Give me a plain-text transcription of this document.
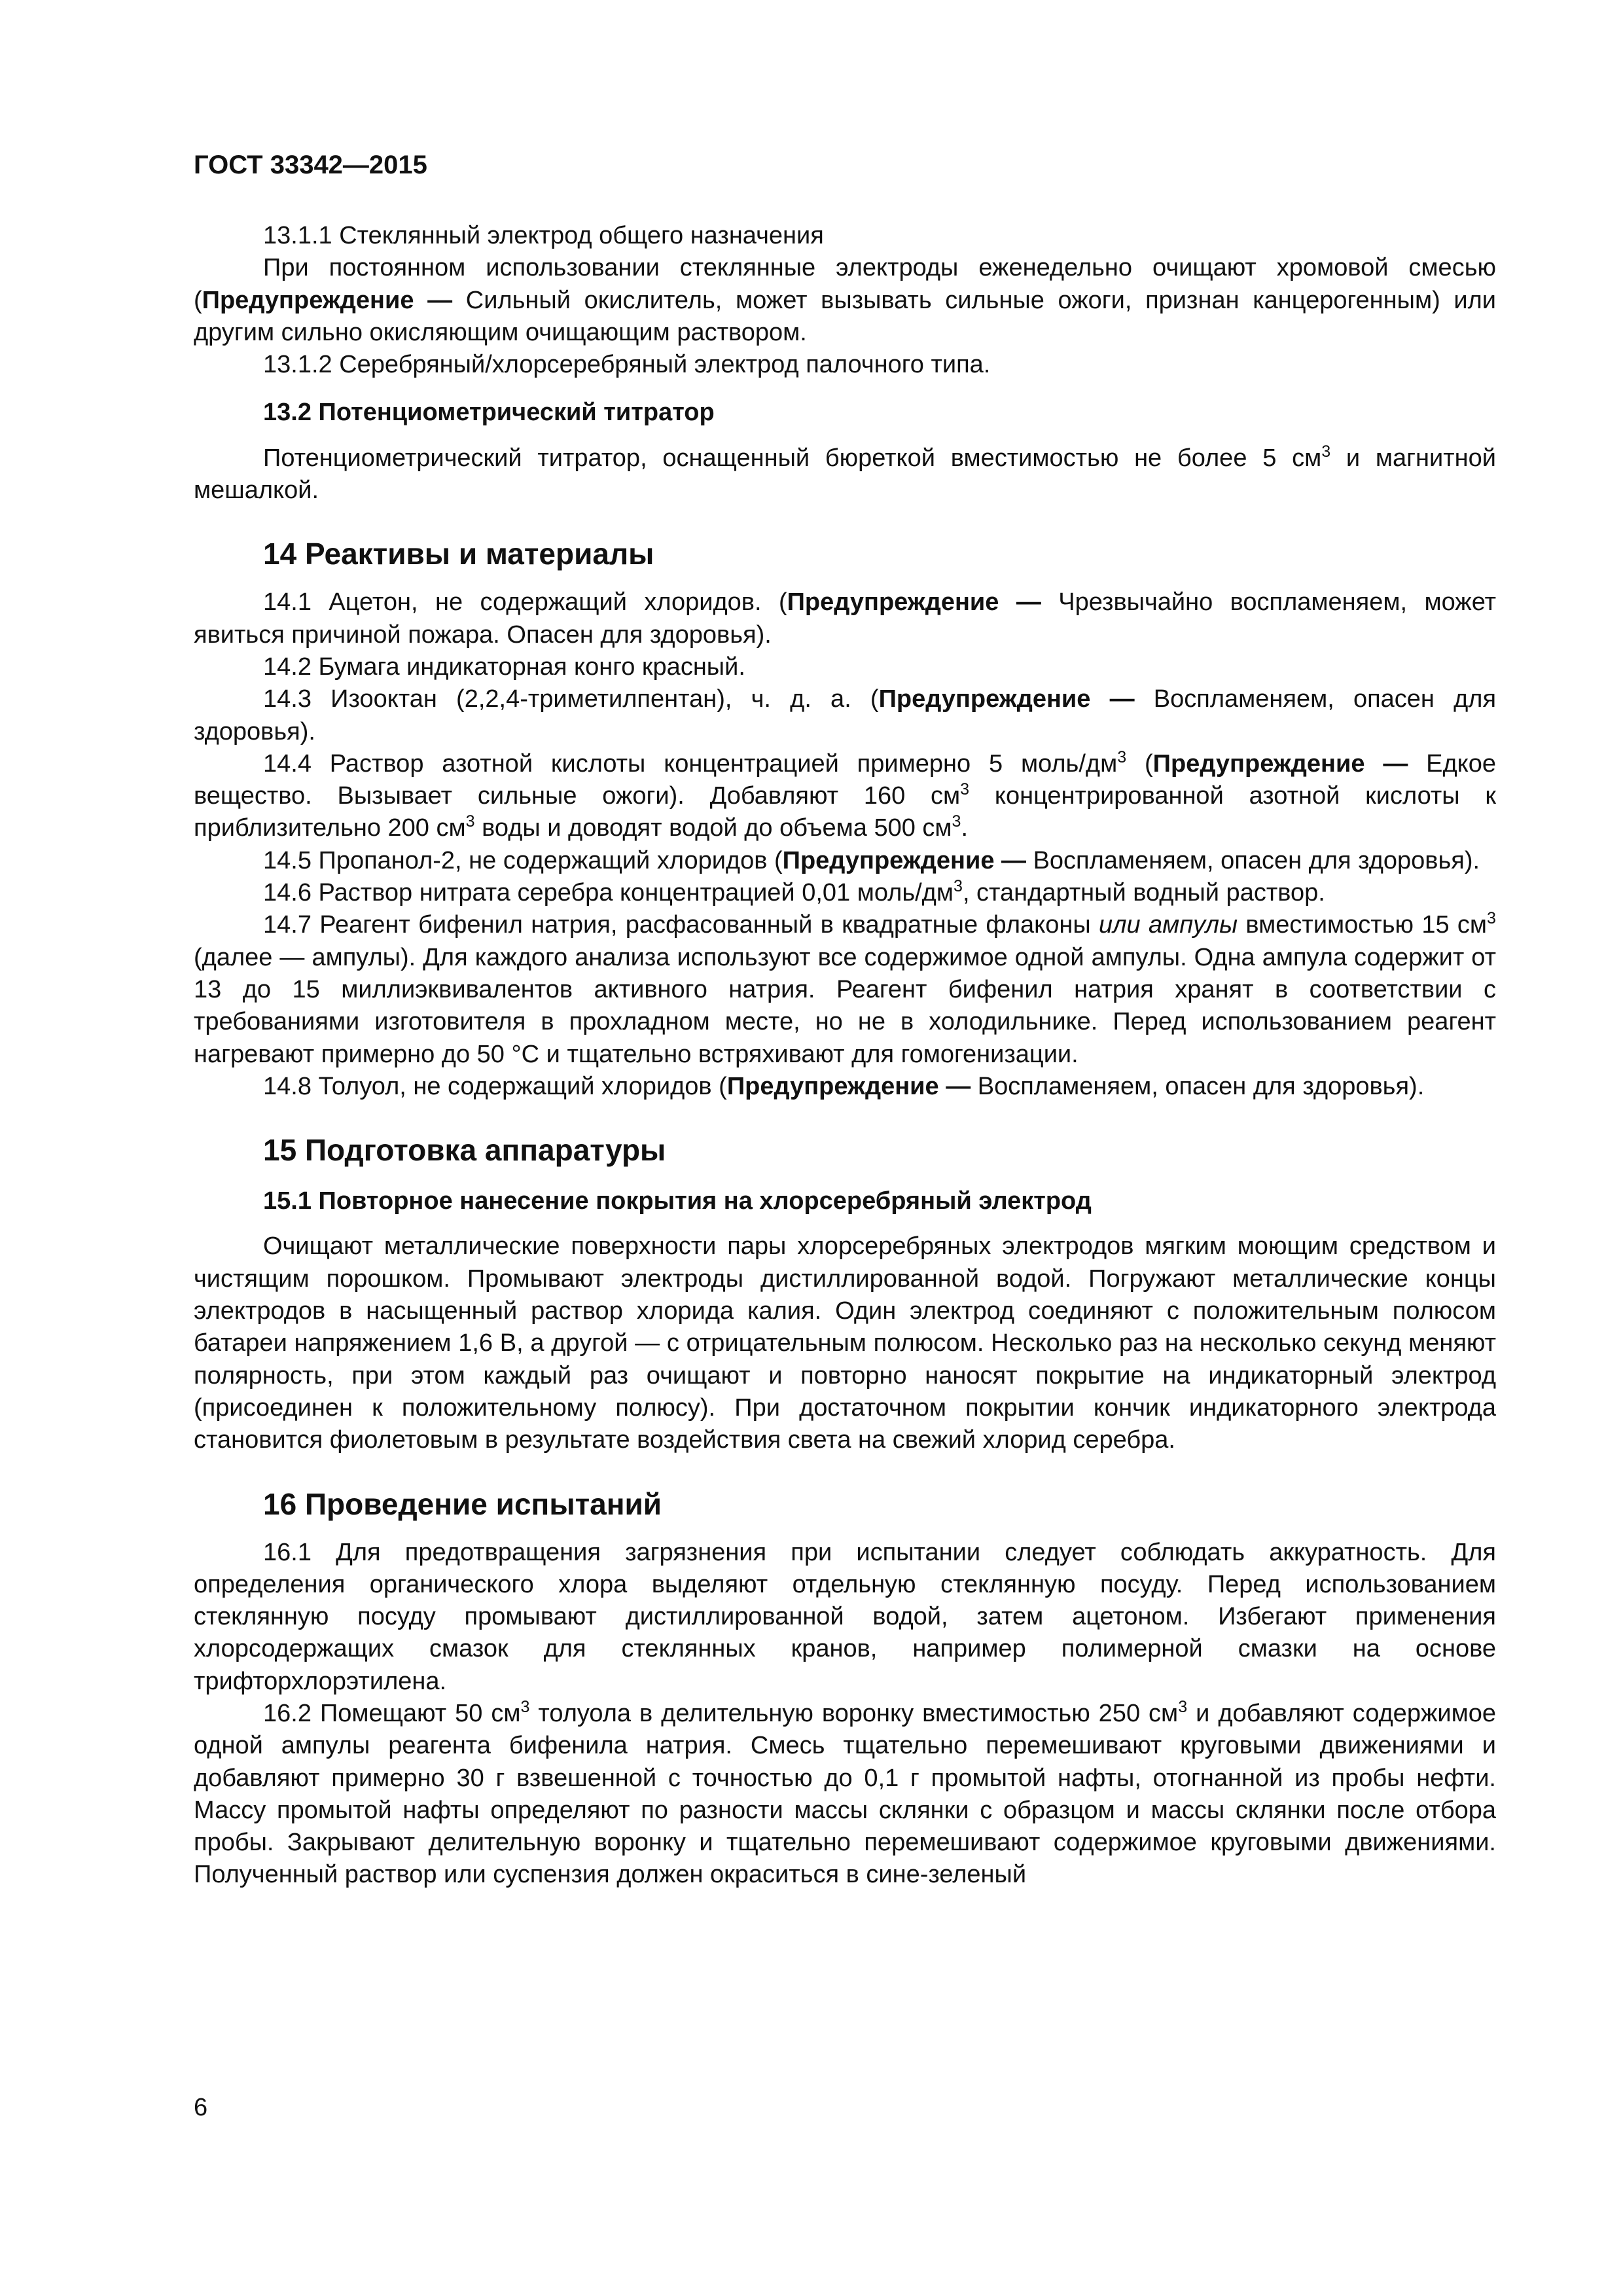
ГОСТ 33342—2015

13.1.1 Стеклянный электрод общего назначения

При постоянном использовании стеклянные электроды еженедельно очищают хромовой смесью (Предупреждение — Сильный окислитель, может вызывать сильные ожоги, признан канцерогенным) или другим сильно окисляющим очищающим раствором.

13.1.2 Серебряный/хлорсеребряный электрод палочного типа.

13.2 Потенциометрический титратор

Потенциометрический титратор, оснащенный бюреткой вместимостью не более 5 $см^3$ и магнитной мешалкой.

14 Реактивы и материалы

14.1 Ацетон, не содержащий хлоридов. (Предупреждение — Чрезвычайно воспламеняем, может явиться причиной пожара. Опасен для здоровья).

14.2 Бумага индикаторная конго красный.

14.3 Изооктан (2,2,4-триметилпентан), ч. д. а. (Предупреждение — Воспламеняем, опасен для здоровья).

14.4 Раствор азотной кислоты концентрацией примерно 5 моль/$дм^3$ (Предупреждение — Едкое вещество. Вызывает сильные ожоги). Добавляют 160 $см^3$ концентрированной азотной кислоты к приблизительно 200 $см^3$ воды и доводят водой до объема 500 $см^3$.

14.5 Пропанол-2, не содержащий хлоридов (Предупреждение — Воспламеняем, опасен для здоровья).

14.6 Раствор нитрата серебра концентрацией 0,01 моль/$дм^3$, стандартный водный раствор.

14.7 Реагент бифенил натрия, расфасованный в квадратные флаконы или ампулы вместимостью 15 $см^3$ (далее — ампулы). Для каждого анализа используют все содержимое одной ампулы. Одна ампула содержит от 13 до 15 миллиэквивалентов активного натрия. Реагент бифенил натрия хранят в соответствии с требованиями изготовителя в прохладном месте, но не в холодильнике. Перед использованием реагент нагревают примерно до 50 °С и тщательно встряхивают для гомогенизации.

14.8 Толуол, не содержащий хлоридов (Предупреждение — Воспламеняем, опасен для здоровья).

15 Подготовка аппаратуры
15.1 Повторное нанесение покрытия на хлорсеребряный электрод

Очищают металлические поверхности пары хлорсеребряных электродов мягким моющим средством и чистящим порошком. Промывают электроды дистиллированной водой. Погружают металлические концы электродов в насыщенный раствор хлорида калия. Один электрод соединяют с положительным полюсом батареи напряжением 1,6 В, а другой — с отрицательным полюсом. Несколько раз на несколько секунд меняют полярность, при этом каждый раз очищают и повторно наносят покрытие на индикаторный электрод (присоединен к положительному полюсу). При достаточном покрытии кончик индикаторного электрода становится фиолетовым в результате воздействия света на свежий хлорид серебра.

16 Проведение испытаний

16.1 Для предотвращения загрязнения при испытании следует соблюдать аккуратность. Для определения органического хлора выделяют отдельную стеклянную посуду. Перед использованием стеклянную посуду промывают дистиллированной водой, затем ацетоном. Избегают применения хлорсодержащих смазок для стеклянных кранов, например полимерной смазки на основе трифторхлорэтилена.

16.2 Помещают 50 $см^3$ толуола в делительную воронку вместимостью 250 $см^3$ и добавляют содержимое одной ампулы реагента бифенила натрия. Смесь тщательно перемешивают круговыми движениями и добавляют примерно 30 г взвешенной с точностью до 0,1 г промытой нафты, отогнанной из пробы нефти. Массу промытой нафты определяют по разности массы склянки с образцом и массы склянки после отбора пробы. Закрывают делительную воронку и тщательно перемешивают содержимое круговыми движениями. Полученный раствор или суспензия должен окраситься в сине-зеленый

6
